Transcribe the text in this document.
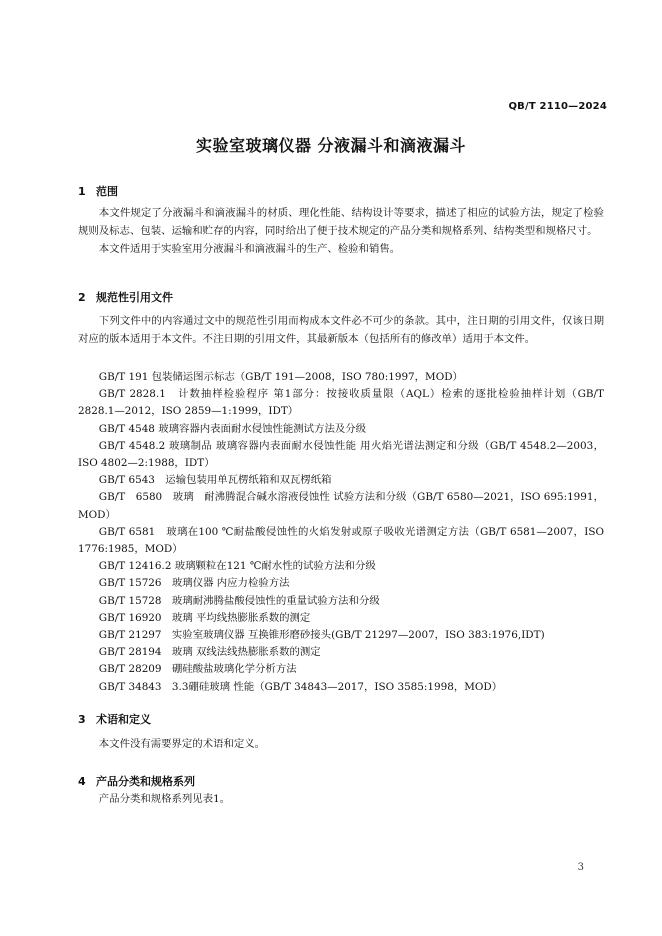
QB/T 2110—2024
实验室玻璃仪器 分液漏斗和滴液漏斗
1 范围

本文件规定了分液漏斗和滴液漏斗的材质、理化性能、结构设计等要求，描述了相应的试验方法，规定了检验规则及标志、包装、运输和贮存的内容，同时给出了便于技术规定的产品分类和规格系列、结构类型和规格尺寸。

本文件适用于实验室用分液漏斗和滴液漏斗的生产、检验和销售。

2 规范性引用文件

下列文件中的内容通过文中的规范性引用而构成本文件必不可少的条款。其中，注日期的引用文件，仅该日期对应的版本适用于本文件。不注日期的引用文件，其最新版本（包括所有的修改单）适用于本文件。

GB/T 191 包装储运图示标志（GB/T 191—2008，ISO 780:1997，MOD）

GB/T 2828.1　计数抽样检验程序 第1部分：按接收质量限（AQL）检索的逐批检验抽样计划（GB/T 2828.1—2012，ISO 2859—1:1999，IDT）

GB/T 4548 玻璃容器内表面耐水侵蚀性能测试方法及分级

GB/T 4548.2 玻璃制品 玻璃容器内表面耐水侵蚀性能 用火焰光谱法测定和分级（GB/T 4548.2—2003，ISO 4802—2:1988，IDT）

GB/T 6543　运输包装用单瓦楞纸箱和双瓦楞纸箱

GB/T　6580　玻璃　耐沸腾混合碱水溶液侵蚀性 试验方法和分级（GB/T 6580—2021，ISO 695:1991，MOD）

GB/T 6581　玻璃在100 ℃耐盐酸侵蚀性的火焰发射或原子吸收光谱测定方法（GB/T 6581—2007，ISO 1776:1985，MOD）

GB/T 12416.2 玻璃颗粒在121 ℃耐水性的试验方法和分级

GB/T 15726　玻璃仪器 内应力检验方法

GB/T 15728　玻璃耐沸腾盐酸侵蚀性的重量试验方法和分级

GB/T 16920　玻璃 平均线热膨胀系数的测定

GB/T 21297　实验室玻璃仪器 互换锥形磨砂接头(GB/T 21297—2007，ISO 383:1976,IDT)

GB/T 28194　玻璃 双线法线热膨胀系数的测定

GB/T 28209　硼硅酸盐玻璃化学分析方法

GB/T 34843　3.3硼硅玻璃 性能（GB/T 34843—2017，ISO 3585:1998，MOD）

3 术语和定义

本文件没有需要界定的术语和定义。

4 产品分类和规格系列

产品分类和规格系列见表1。

3
